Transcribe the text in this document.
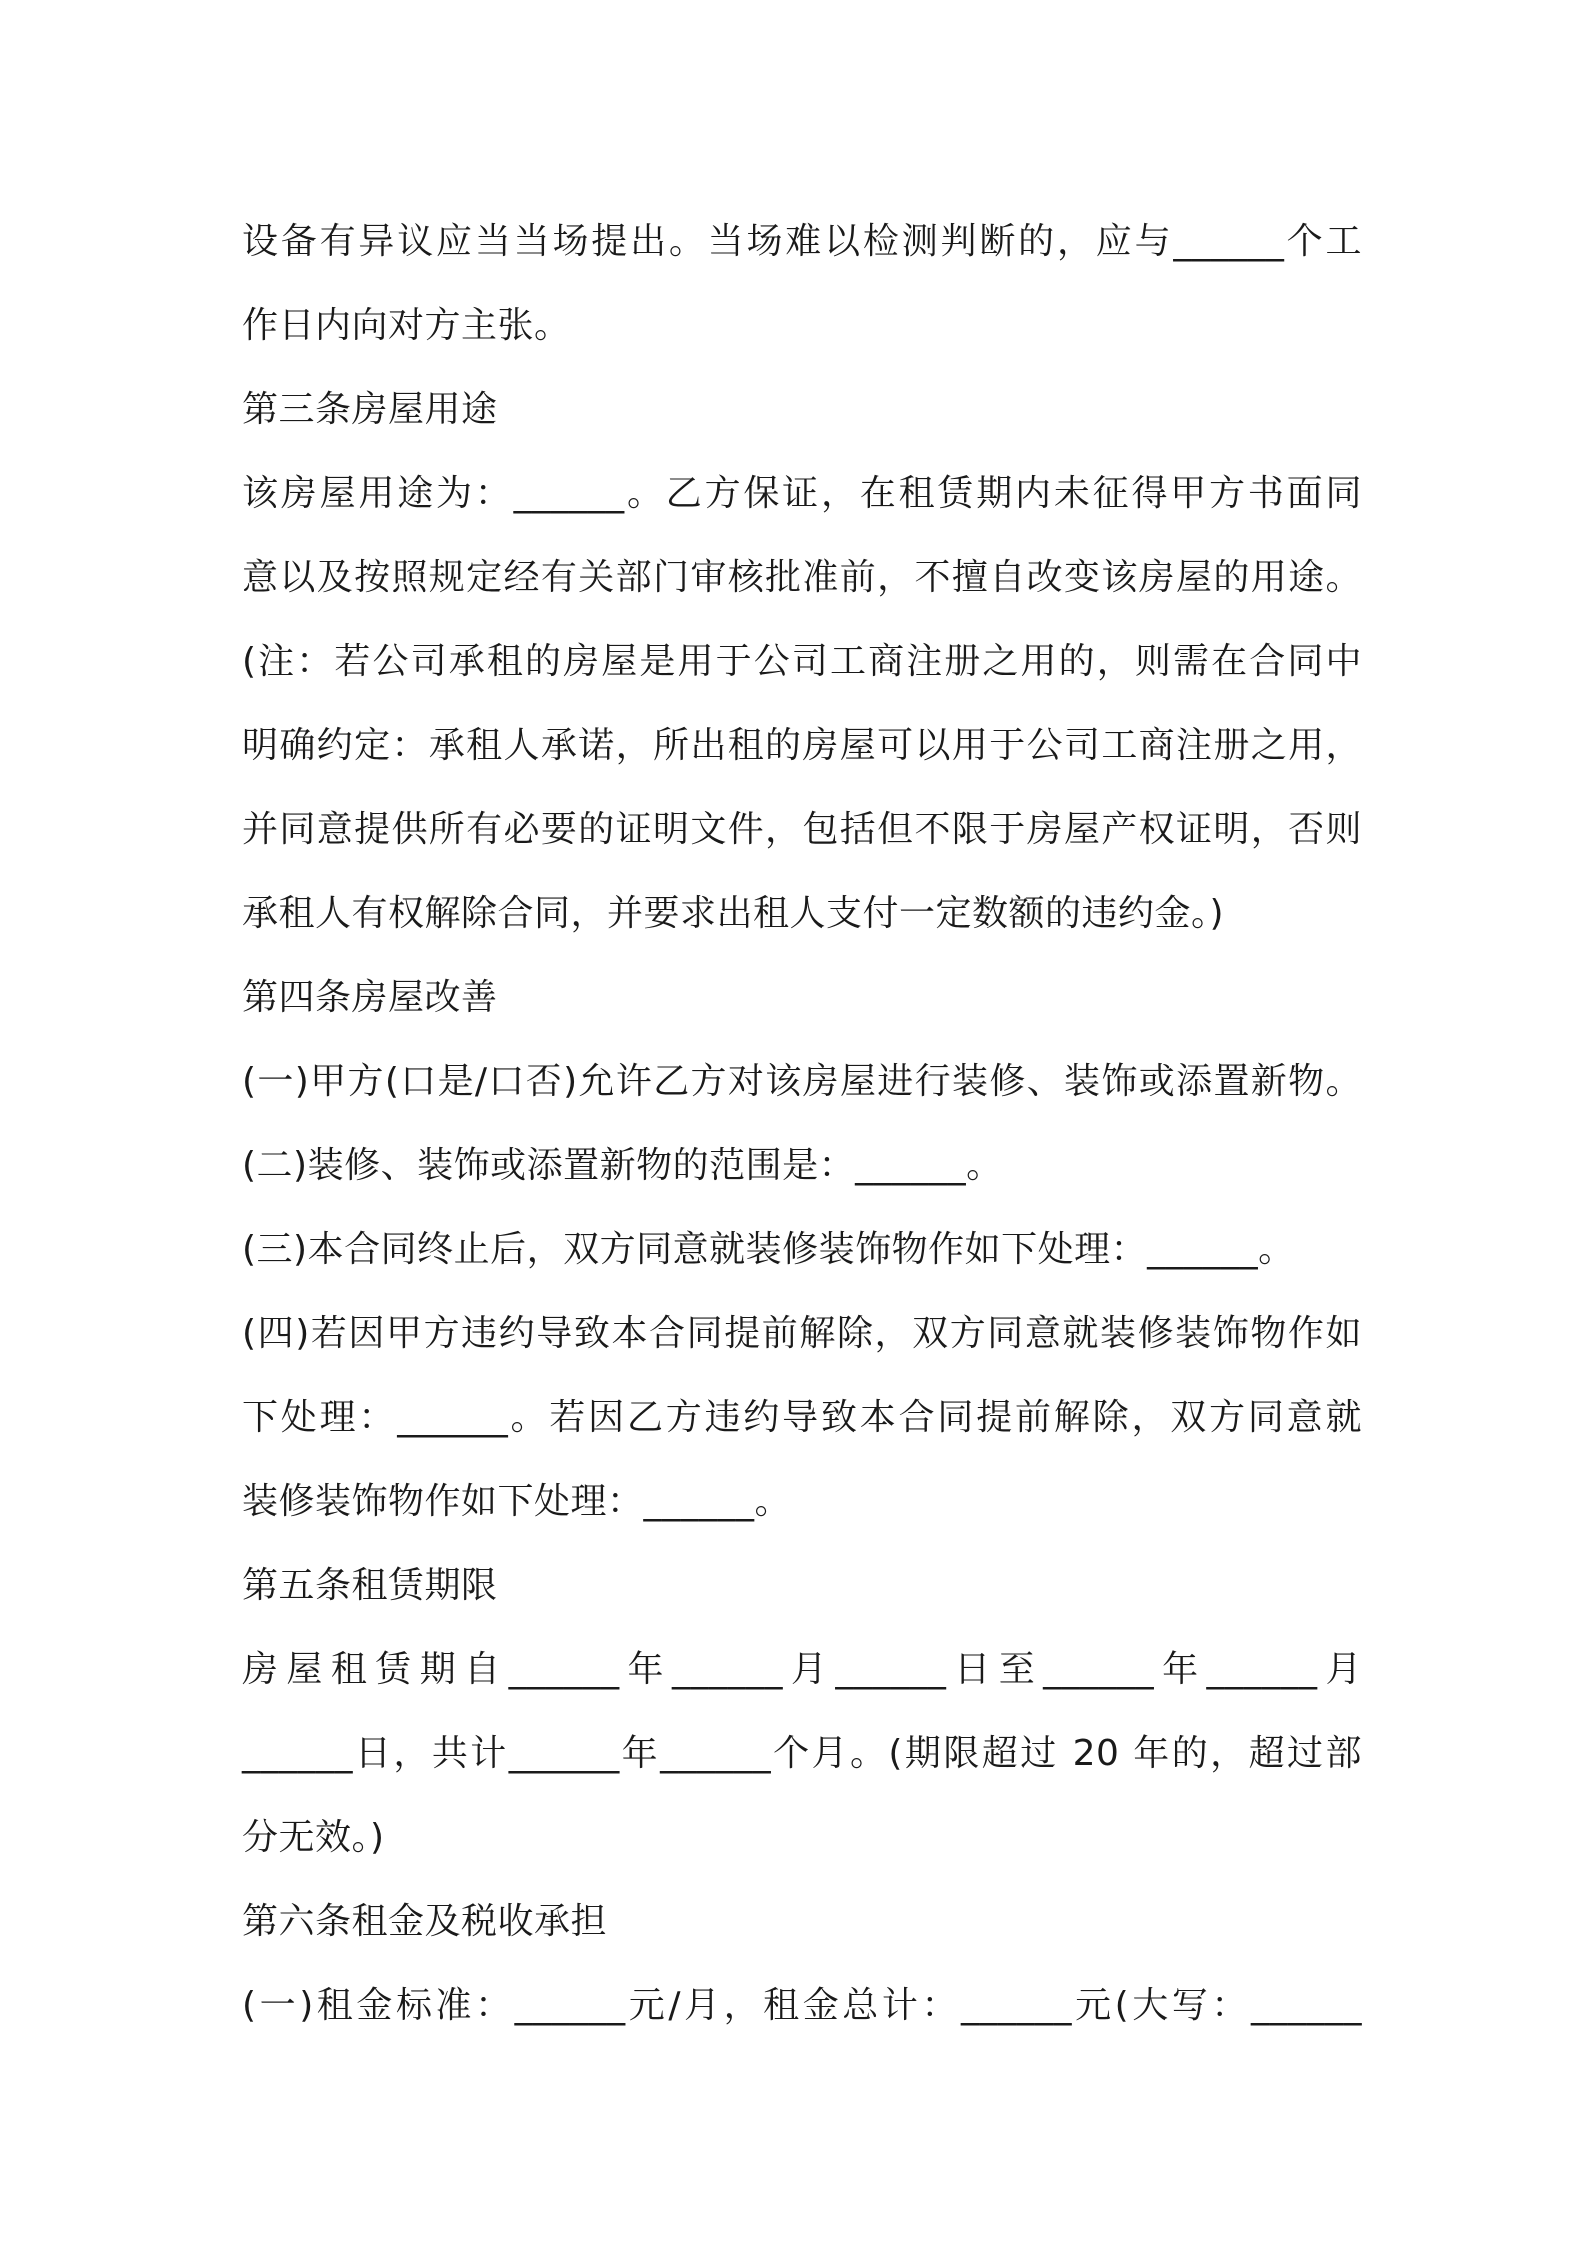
设备有异议应当当场提出。当场难以检测判断的，应与______个工
作日内向对方主张。
第三条房屋用途
该房屋用途为：______。乙方保证，在租赁期内未征得甲方书面同
意以及按照规定经有关部门审核批准前，不擅自改变该房屋的用途。
(注：若公司承租的房屋是用于公司工商注册之用的，则需在合同中
明确约定：承租人承诺，所出租的房屋可以用于公司工商注册之用，
并同意提供所有必要的证明文件，包括但不限于房屋产权证明，否则
承租人有权解除合同，并要求出租人支付一定数额的违约金。)
第四条房屋改善
(一)甲方(口是/口否)允许乙方对该房屋进行装修、装饰或添置新物。
(二)装修、装饰或添置新物的范围是：______。
(三)本合同终止后，双方同意就装修装饰物作如下处理：______。
(四)若因甲方违约导致本合同提前解除，双方同意就装修装饰物作如
下处理：______。若因乙方违约导致本合同提前解除，双方同意就
装修装饰物作如下处理：______。
第五条租赁期限
房屋租赁期自______年______月______日至______年______月
______日，共计______年______个月。(期限超过 20 年的，超过部
分无效。)
第六条租金及税收承担
(一)租金标准：______元/月，租金总计：______元(大写：______
